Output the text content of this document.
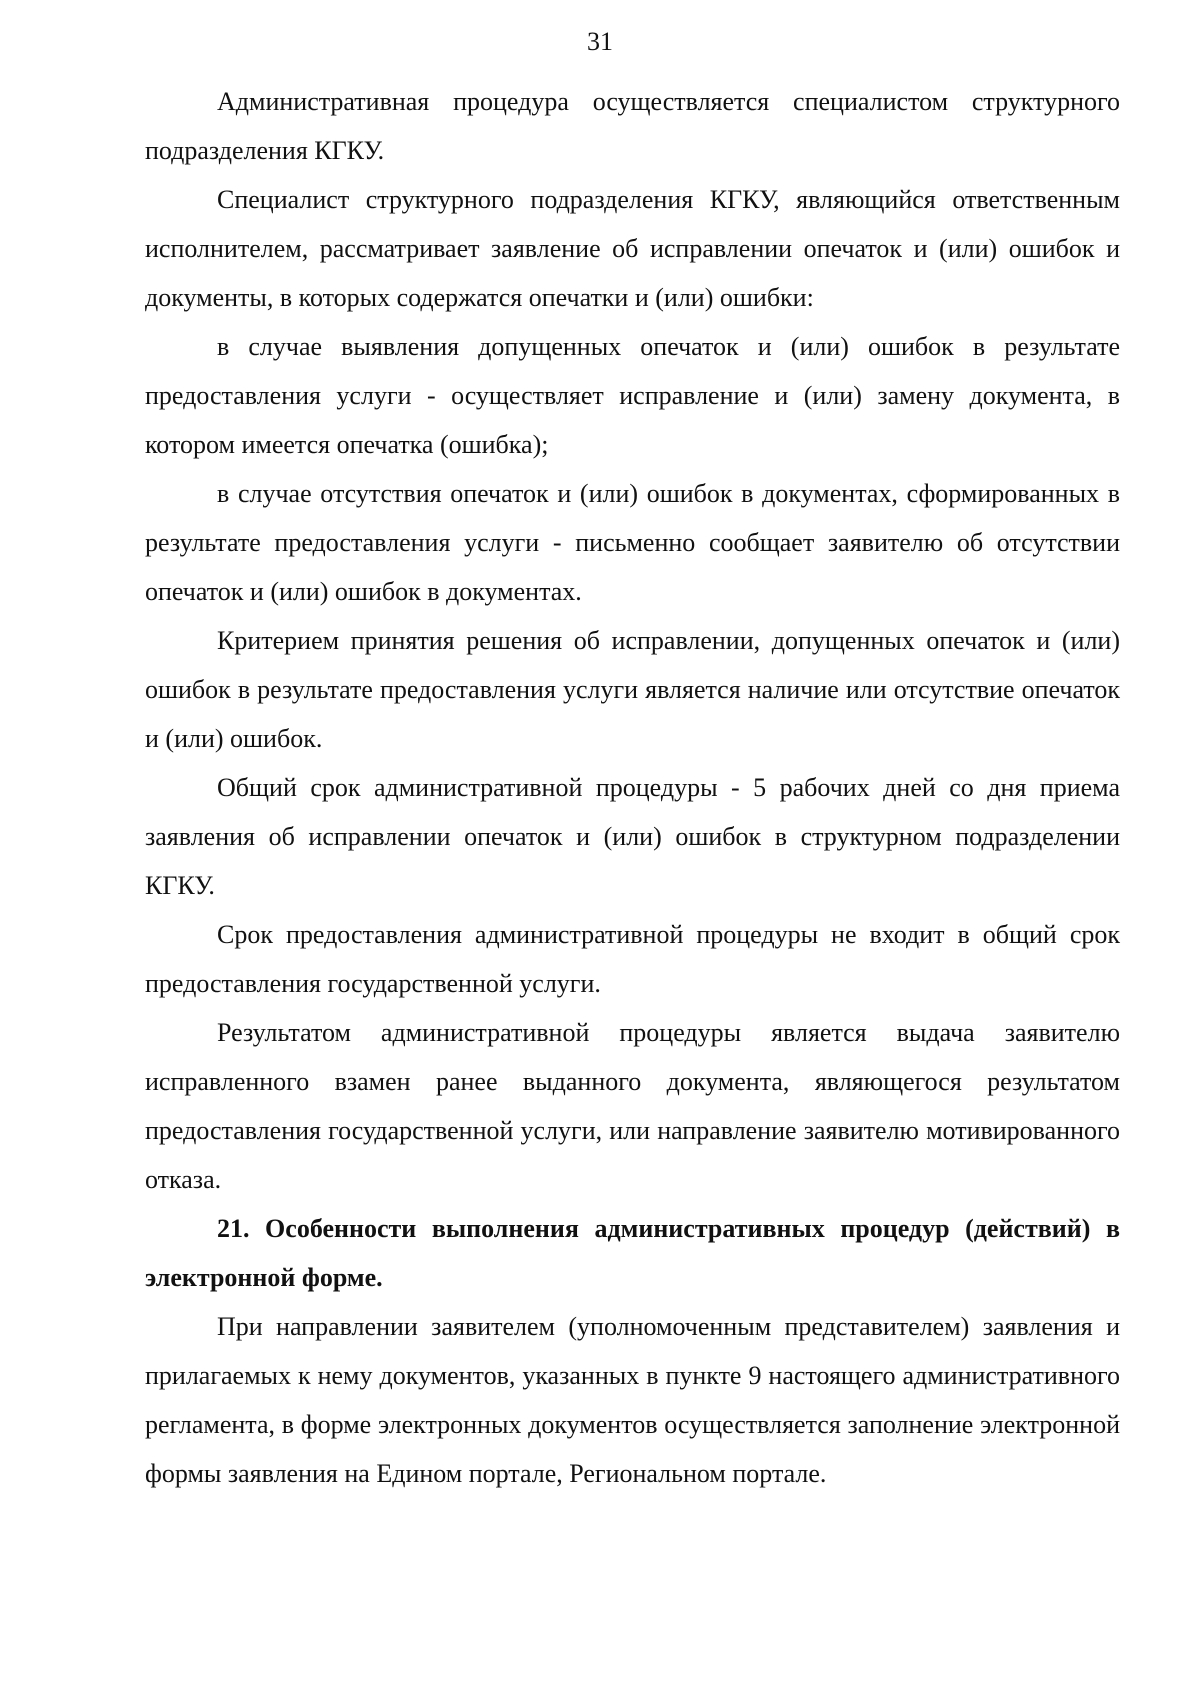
31

Административная процедура осуществляется специалистом структурного подразделения КГКУ.

Специалист структурного подразделения КГКУ, являющийся ответственным исполнителем, рассматривает заявление об исправлении опечаток и (или) ошибок и документы, в которых содержатся опечатки и (или) ошибки:

в случае выявления допущенных опечаток и (или) ошибок в результате предоставления услуги - осуществляет исправление и (или) замену документа, в котором имеется опечатка (ошибка);

в случае отсутствия опечаток и (или) ошибок в документах, сформированных в результате предоставления услуги - письменно сообщает заявителю об отсутствии опечаток и (или) ошибок в документах.

Критерием принятия решения об исправлении, допущенных опечаток и (или) ошибок в результате предоставления услуги является наличие или отсутствие опечаток и (или) ошибок.

Общий срок административной процедуры - 5 рабочих дней со дня приема заявления об исправлении опечаток и (или) ошибок в структурном подразделении КГКУ.

Срок предоставления административной процедуры не входит в общий срок предоставления государственной услуги.

Результатом административной процедуры является выдача заявителю исправленного взамен ранее выданного документа, являющегося результатом предоставления государственной услуги, или направление заявителю мотивированного отказа.

21. Особенности выполнения административных процедур (действий) в электронной форме.

При направлении заявителем (уполномоченным представителем) заявления и прилагаемых к нему документов, указанных в пункте 9 настоящего административного регламента, в форме электронных документов осуществляется заполнение электронной формы заявления на Едином портале, Региональном портале.
